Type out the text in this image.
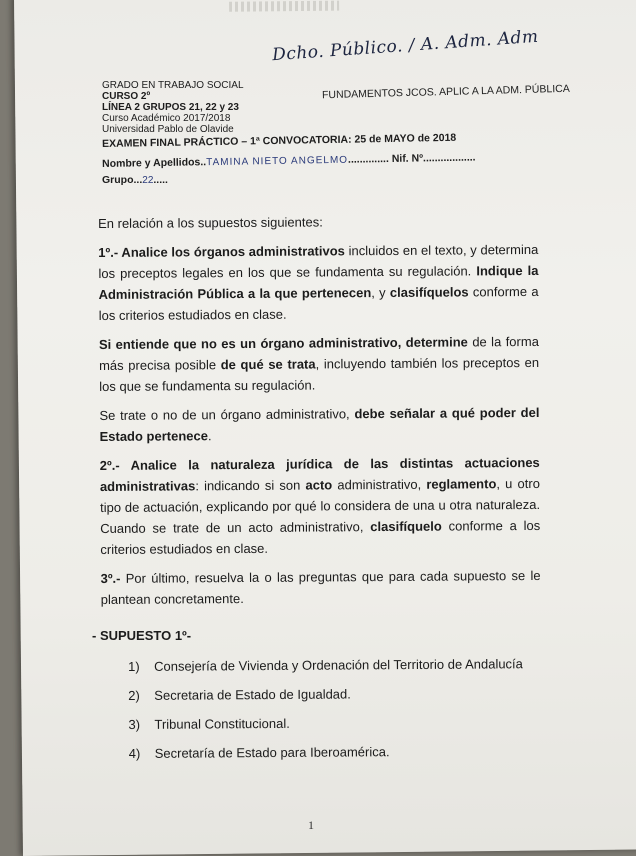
Dcho. Público. / A. Adm. Adm
GRADO EN TRABAJO SOCIAL
CURSO 2º
LÍNEA 2 GRUPOS 21, 22 y 23
Curso Académico 2017/2018
Universidad Pablo de Olavide
FUNDAMENTOS JCOS. APLIC A LA ADM. PÚBLICA
EXAMEN FINAL PRÁCTICO – 1ª CONVOCATORIA: 25 de MAYO de 2018
Nombre y Apellidos..TAMINA NIETO ANGELMO.............. Nif. Nº..................
Grupo...22.....

En relación a los supuestos siguientes:

1º.- Analice los órganos administrativos incluidos en el texto, y determina los preceptos legales en los que se fundamenta su regulación. Indique la Administración Pública a la que pertenecen, y clasifíquelos conforme a los criterios estudiados en clase.

Si entiende que no es un órgano administrativo, determine de la forma más precisa posible de qué se trata, incluyendo también los preceptos en los que se fundamenta su regulación.

Se trate o no de un órgano administrativo, debe señalar a qué poder del Estado pertenece.

2º.- Analice la naturaleza jurídica de las distintas actuaciones administrativas: indicando si son acto administrativo, reglamento, u otro tipo de actuación, explicando por qué lo considera de una u otra naturaleza. Cuando se trate de un acto administrativo, clasifíquelo conforme a los criterios estudiados en clase.

3º.- Por último, resuelva la o las preguntas que para cada supuesto se le plantean concretamente.

- SUPUESTO 1º-
1) Consejería de Vivienda y Ordenación del Territorio de Andalucía
2) Secretaria de Estado de Igualdad.
3) Tribunal Constitucional.
4) Secretaría de Estado para Iberoamérica.
1
